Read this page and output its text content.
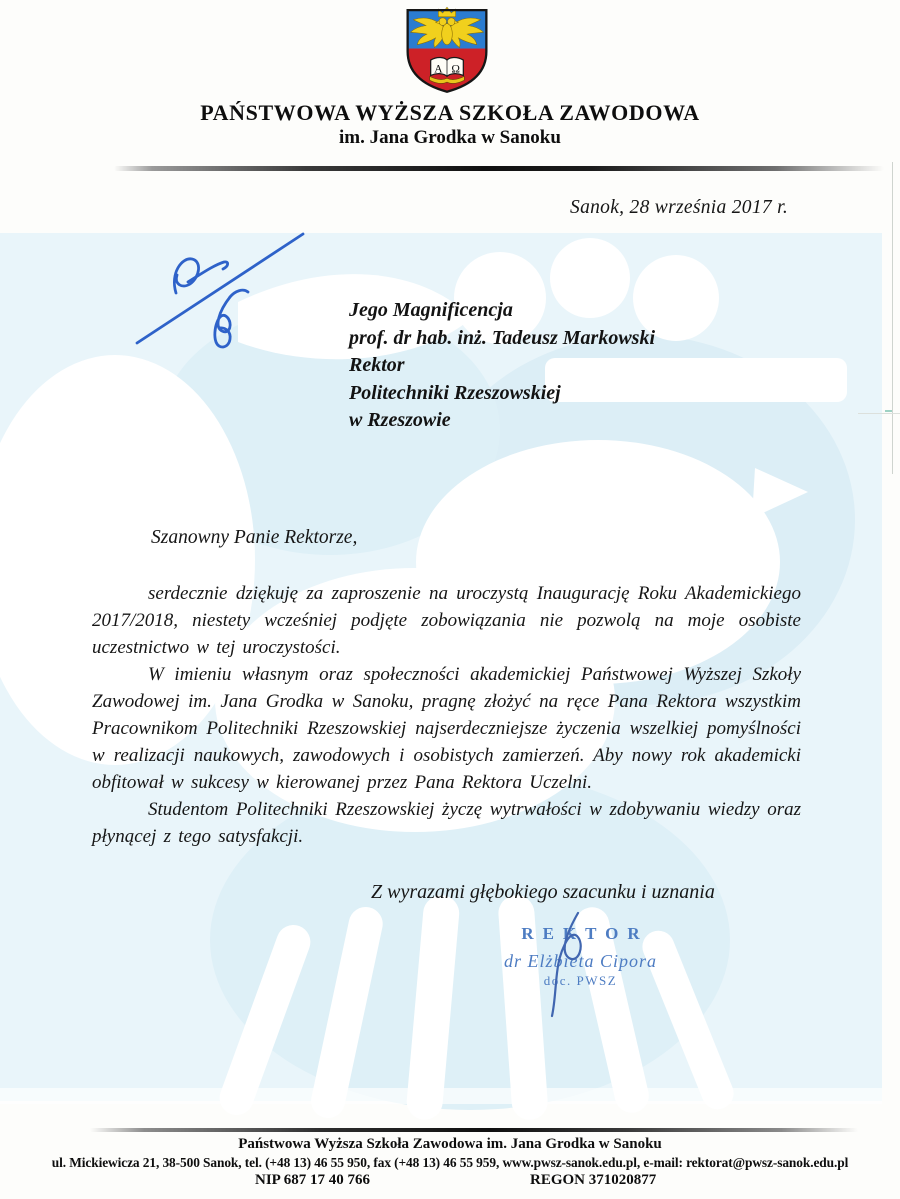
Α Ω
PAŃSTWOWA WYŻSZA SZKOŁA ZAWODOWA
im. Jana Grodka w Sanoku
Sanok, 28 września 2017 r.
Jego Magnificencja
prof. dr hab. inż. Tadeusz Markowski
Rektor
Politechniki Rzeszowskiej
w Rzeszowie
Szanowny Panie Rektorze,

serdecznie dziękuję za zaproszenie na uroczystą Inaugurację Roku Akademickiego 2017/2018, niestety wcześniej podjęte zobowiązania nie pozwolą na moje osobiste uczestnictwo w tej uroczystości.

W imieniu własnym oraz społeczności akademickiej Państwowej Wyższej Szkoły Zawodowej im. Jana Grodka w Sanoku, pragnę złożyć na ręce Pana Rektora wszystkim Pracownikom Politechniki Rzeszowskiej najserdeczniejsze życzenia wszelkiej pomyślności w realizacji naukowych, zawodowych i osobistych zamierzeń. Aby nowy rok akademicki obfitował w sukcesy w kierowanej przez Pana Rektora Uczelni.

Studentom Politechniki Rzeszowskiej życzę wytrwałości w zdobywaniu wiedzy oraz płynącej z tego satysfakcji.

Z wyrazami głębokiego szacunku i uznania
REKTOR
dr Elżbieta Cipora
doc. PWSZ
Państwowa Wyższa Szkoła Zawodowa im. Jana Grodka w Sanoku
ul. Mickiewicza 21, 38-500 Sanok, tel. (+48 13) 46 55 950, fax (+48 13) 46 55 959, www.pwsz-sanok.edu.pl, e-mail: rektorat@pwsz-sanok.edu.pl
NIP 687 17 40 766	REGON 371020877
